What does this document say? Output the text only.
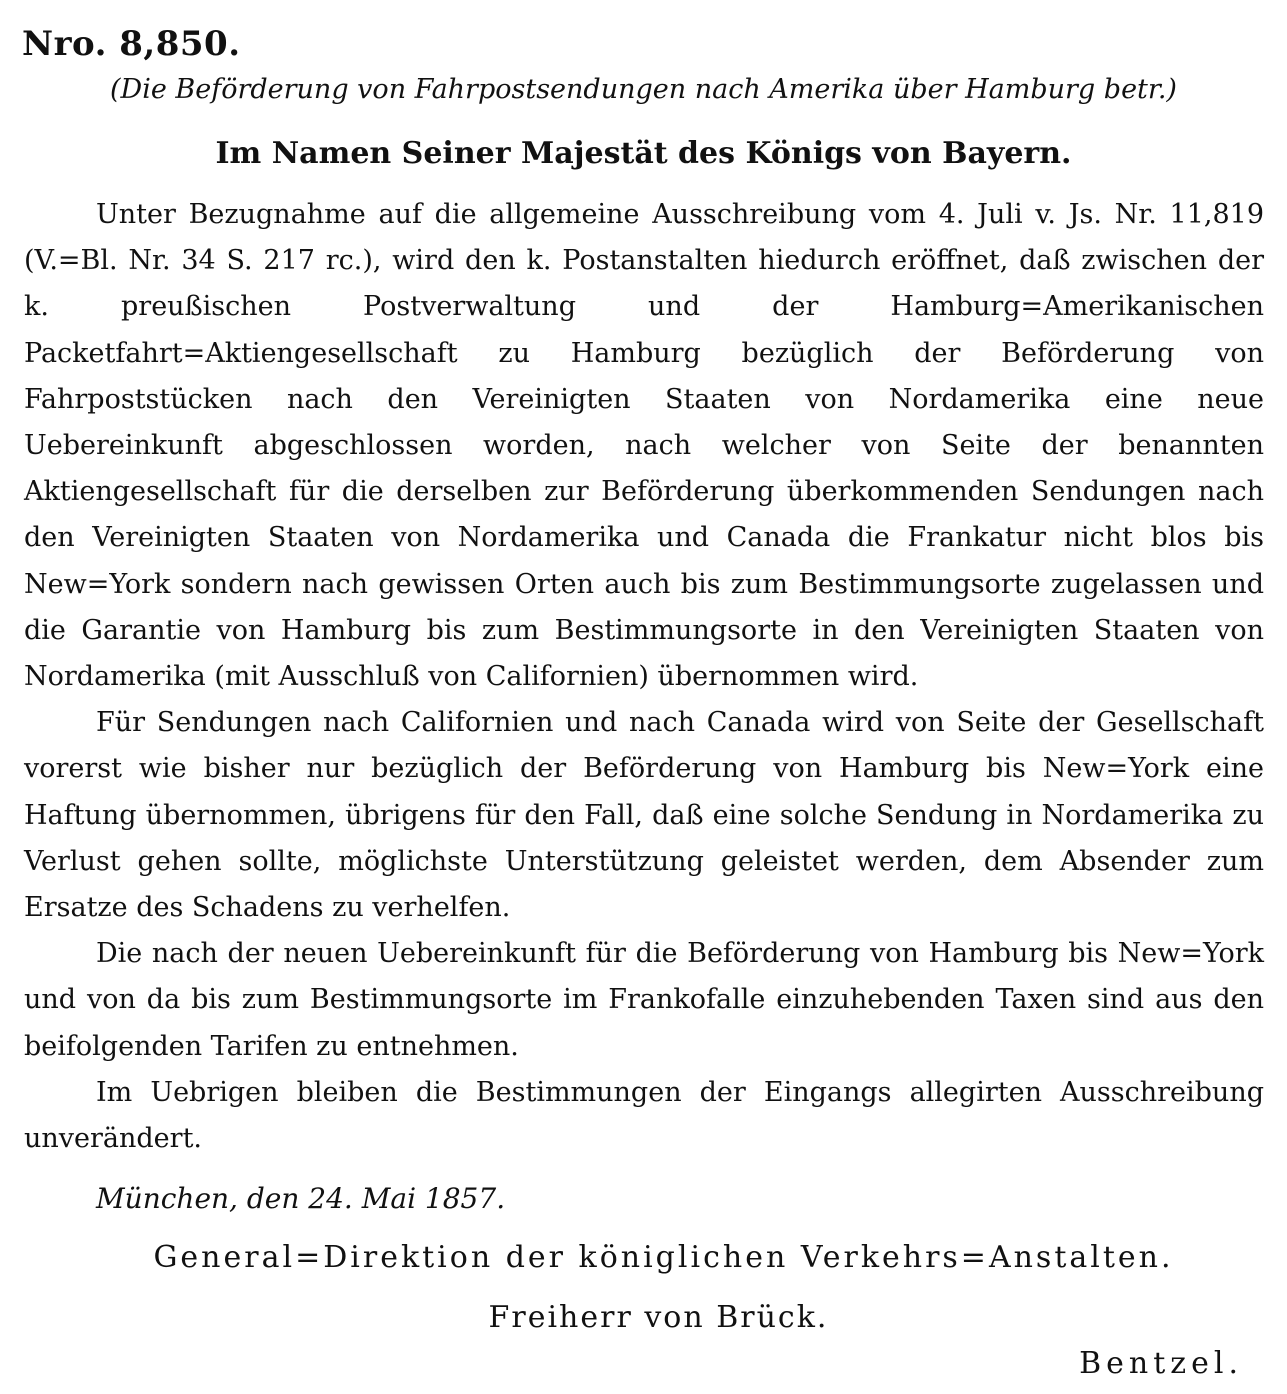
Nro. 8,850.
(Die Beförderung von Fahrpostsendungen nach Amerika über Hamburg betr.)
Im Namen Seiner Majestät des Königs von Bayern.

Unter Bezugnahme auf die allgemeine Ausschreibung vom 4. Juli v. Js. Nr. 11,819 (V.=Bl. Nr. 34 S. 217 rc.), wird den k. Postanstalten hiedurch eröffnet, daß zwischen der k. preußischen Postverwaltung und der Hamburg=Amerikanischen Packetfahrt=Aktiengesellschaft zu Hamburg bezüglich der Beförderung von Fahrpoststücken nach den Vereinigten Staaten von Nordamerika eine neue Uebereinkunft abgeschlossen worden, nach welcher von Seite der benannten Aktiengesellschaft für die derselben zur Beförderung überkommenden Sendungen nach den Vereinigten Staaten von Nordamerika und Canada die Frankatur nicht blos bis New=York sondern nach gewissen Orten auch bis zum Bestimmungsorte zugelassen und die Garantie von Hamburg bis zum Bestimmungsorte in den Vereinigten Staaten von Nordamerika (mit Ausschluß von Californien) übernommen wird.

Für Sendungen nach Californien und nach Canada wird von Seite der Gesellschaft vorerst wie bisher nur bezüglich der Beförderung von Hamburg bis New=York eine Haftung übernommen, übrigens für den Fall, daß eine solche Sendung in Nordamerika zu Verlust gehen sollte, möglichste Unterstützung geleistet werden, dem Absender zum Ersatze des Schadens zu verhelfen.

Die nach der neuen Uebereinkunft für die Beförderung von Hamburg bis New=York und von da bis zum Bestimmungsorte im Frankofalle einzuhebenden Taxen sind aus den beifolgenden Tarifen zu entnehmen.

Im Uebrigen bleiben die Bestimmungen der Eingangs allegirten Ausschreibung unverändert.

München, den 24. Mai 1857.
General=Direktion der königlichen Verkehrs=Anstalten.
Freiherr von Brück.
Bentzel.
